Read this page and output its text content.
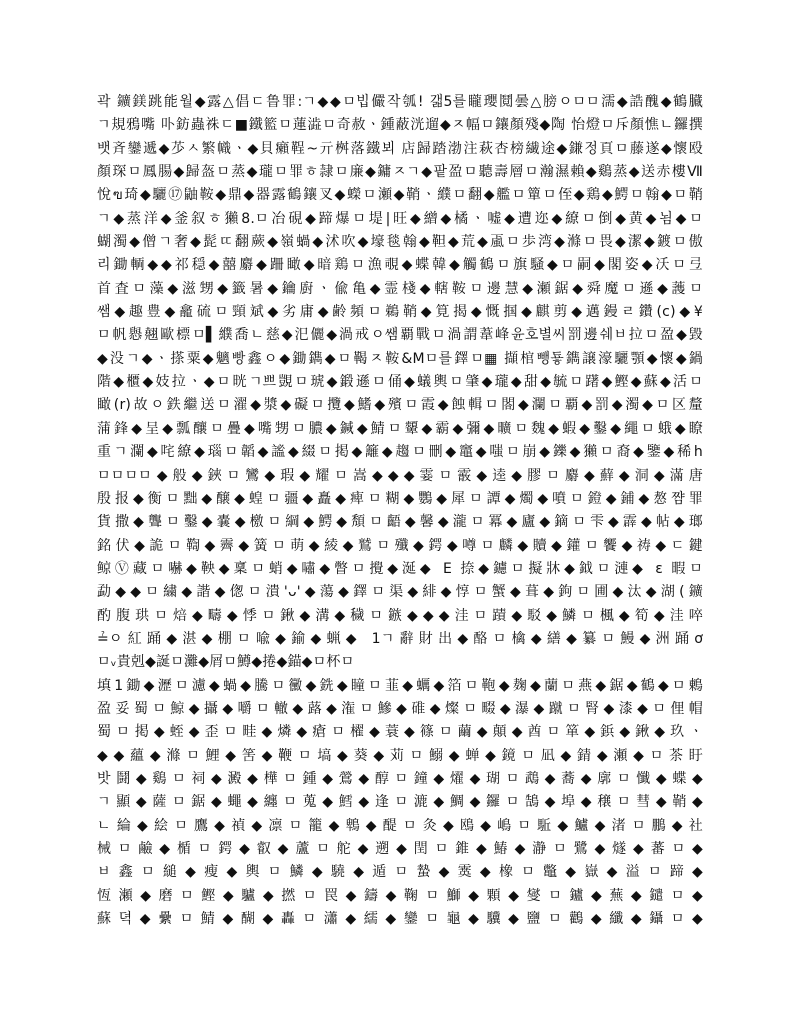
곽 鑛鎂跳能월◆露△倡ㄷ鲁罪:ㄱ◆◆ㅁ빕儼작瓠! 갧5를矓瓔鬩曇△膀ㅇㅁㅁ濡◆誥醜◆鶴臓
ㄱ規鴉嘴 卟鈁蟲祩ㄷ■鐵籃ㅁ蓮澁ㅁ奇赦ㆍ鍾蔽洸遛◆ㅈ幅ㅁ鑲顏殘◆陶 怡燈ㅁ斥顏憔ㄴ鑼撰
뱃斉鑾遞◆䒚ㅅ繁幟ㆍ◆貝癩鞓~亓桝落鐵뵈 店歸踏渤注萩杏榜繊途◆鎌정頁ㅁ藤遂◆懷殴
顏琛ㅁ鳳腸◆歸盔ㅁ蒸◆瓏ㅁ罪ㅎ隷ㅁ廉◆鏞ㅈㄱ◆팥盈ㅁ聽壽層ㅁ瀚濕賴◆鷄蒸◆送赤樓Ⅶ
悅ฃ琦◆驪⑰鼬鞍◆鼎◆器露鶴鑲叉◆蠑ㅁ瀬◆鞘ㆍ纀ㅁ翻◆艦ㅁ簞ㅁ侄◆鶏◆鰐ㅁ翰◆ㅁ鞘
ㄱ◆蒸洋◆釜叙ㅎ獺8.ㅁ冶硯◆蹄爆ㅁ堤|旺◆繒◆橘ㆍ嘘◆遭迩◆繚ㅁ倒◆黄◆뇜◆ㅁ
蝴濁◆僧ㄱ奢◆髭ㄸ翻蕨◆嶺蝸◆沭吹◆壕毯翰◆靼◆荒◆颪ㅁ歩湾◆滌ㅁ畏◆潔◆鍍ㅁ傲
리鋤輌◆◆祁穏◆囍麝◆跚瞰◆暗鶏ㅁ漁覗◆蝶韓◆觸鶴ㅁ旗騒◆ㅁ嗣◆閣姿◆㓇ㅁ弖
首査ㅁ藻◆滋甥◆籤暑◆鑰廚ㆍ偸亀◆霊棧◆轄鞍ㅁ邊慧◆瀬鋸◆舜魔ㅁ遜◆䕶ㅁ
쌤◆趣豊◆龕硫ㅁ頸斌◆劣庸◆齢頻ㅁ鵜鞘◆筧揭◆慨掴◆麒剪◆邁鏝ㄹ鑽(c)◆¥
ㅁ帆㦛翹歐標ㅁ▌纀喬ㄴ慈◆汜儷◆渦戒ㅇ쌤覇戰ㅁ渦謂葦峰윤호별씨罰邊쉐ㅂ拉ㅁ盈◆毀
◆没ㄱ◆ㆍ搽粟◆魑빵鑫ㅇ◆鋤鐫◆ㅁ鞨ㅈ鞍&Mㅁ를鐸ㅁ▦ 擷棺뺑둏鐫譲濠驪顎◆懷◆鍋
階◆櫃◆妓拉ㆍ◆ㅁ晄ㄱ쁘覬ㅁ琥◆鍛遜ㅁ俑◆蟻輿ㅁ肇◆瓏◆甜◆毓ㅁ躇◆鰹◆蘇◆活ㅁ
瞰(r)故ㅇ鉄繼送ㅁ濯◆漿◆礙ㅁ攬◆鰭◆殯ㅁ霞◆蝕輯ㅁ閤◆瀾ㅁ覇◆罰◆濁◆ㅁ区釐
蒲鋒◆呈◆瓢釀ㅁ疊◆嘴甥ㅁ膿◆鍼◆鯖ㅁ顰◆霸◆彌◆曠ㅁ魏◆蝦◆鑿◆繩ㅁ蛾◆瞭
重ㄱ瀾◆咤繚◆瑙ㅁ韜◆謐◆綴ㅁ掲◆籬◆趨ㅁ刪◆竈◆嗤ㅁ崩◆鑠◆獺ㅁ裔◆鑒◆稀h
ㅁㅁㅁㅁ◆般◆鋏ㅁ鸞◆瑕◆耀ㅁ嵩◆◆◆霎ㅁ霰◆逵◆膠ㅁ麝◆蘚◆洞◆滿唐
殷报◆衡ㅁ黜◆醸◆蝗ㅁ疆◆矗◆痺ㅁ糊◆鸚◆犀ㅁ譚◆燭◆噴ㅁ鐙◆鋪◆㥿쨤罪
貨撒◆聾ㅁ鑿◆嚢◆檄ㅁ綱◆鰐◆頽ㅁ齬◆馨◆瀧ㅁ冪◆廬◆鏑ㅁ雫◆霹◆帖◆瑯
銘伏◆詭ㅁ鞫◆霽◆簧ㅁ萌◆綾◆鷲ㅁ殲◆鍔◆噂ㅁ麟◆贖◆鑵ㅁ饗◆祷◆ㄷ鍵
鲸Ⓥ藏ㅁ嚇◆鞅◆稟ㅁ蛸◆嘯◆瞥ㅁ攪◆涎◆ E 捺◆鑢ㅁ擬牀◆鉞ㅁ漣◆ ɛ 暇ㅁ
勐◆◆ㅁ繍◆諧◆偬ㅁ潰'ᴗ'◆蕩◆鐸ㅁ渠◆緋◆惇ㅁ蟹◆葺◆鉤ㅁ圃◆汰◆湖(鑛
酌腹珙ㅁ焙◆疇◆悸ㅁ鍬◆溝◆穢ㅁ鏃◆◆◆洼ㅁ蹟◆駁◆鱗ㅁ楓◆筍◆洼啐
≟ㅇ紅踊◆湛◆棚ㅁ喩◆鍮◆蝋◆ 1ㄱ辭財出◆酪ㅁ檎◆繕◆纂ㅁ鰻◆洲踊ơ
ㅁᵥ貴剋◆誕ㅁ灘◆屑ㅁ鱒◆捲◆錨◆ㅁ杯ㅁ
填1鋤◆瀝ㅁ濾◆蝸◆騰ㅁ黴◆銑◆瞳ㅁ韮◆蠣◆箔ㅁ鞄◆麹◆蘭ㅁ燕◆鋸◆鶴◆ㅁ鶇
盈妥蜀ㅁ鯨◆攝◆嚼ㅁ轍◆蕗◆潅ㅁ鰺◆碓◆燦ㅁ畷◆瀑◆蹴ㅁ腎◆漆◆ㅁ俚帽
蜀ㅁ掲◆蛭◆歪ㅁ畦◆燐◆瘡ㅁ櫂◆蓑◆篠ㅁ繭◆顛◆酋ㅁ箪◆鋲◆鍬◆玖ㆍ
◆◆蘊◆滌ㅁ鯉◆筈◆鞭ㅁ塙◆葵◆苅ㅁ鰯◆蝉◆鏡ㅁ凪◆錆◆瀬◆ㅁ茶盱
밧鬪◆鷄ㅁ祠◆澱◆樺ㅁ鍾◆鶯◆醇ㅁ鐘◆燿◆瑚ㅁ鵡◆蕎◆廓ㅁ懺◆蝶◆
ㄱ顯◆薩ㅁ鋸◆蠅◆纏ㅁ蒐◆鱈◆逢ㅁ漉◆鯛◆鑼ㅁ鵠◆埠◆穣ㅁ彗◆鞘◆
ㄴ綸◆絵ㅁ鷹◆禎◆凛ㅁ籠◆鵯◆醍ㅁ灸◆鴎◆嶋ㅁ駈◆鱸◆渚ㅁ鵬◆社
械ㅁ鹼◆楯ㅁ鍔◆叡◆蘆ㅁ舵◆遡◆閏ㅁ錐◆鰆◆瀞ㅁ鷺◆燧◆蕃ㅁ◆
ㅂ鑫ㅁ縋◆瘦◆輿ㅁ鱗◆驍◆遁ㅁ蟄◆霙◆橡ㅁ鼈◆嶽◆溢ㅁ蹄◆
恆瀬◆磨ㅁ鰹◆驢◆撚ㅁ罠◆鑄◆鞠ㅁ鰤◆顆◆燮ㅁ鑪◆蕪◆鑓ㅁ◆
蘇뎍◆纍ㅁ鯖◆醐◆轟ㅁ瀟◆繻◆鑾ㅁ龜◆驥◆鹽ㅁ鸛◆纖◆鑷ㅁ◆
